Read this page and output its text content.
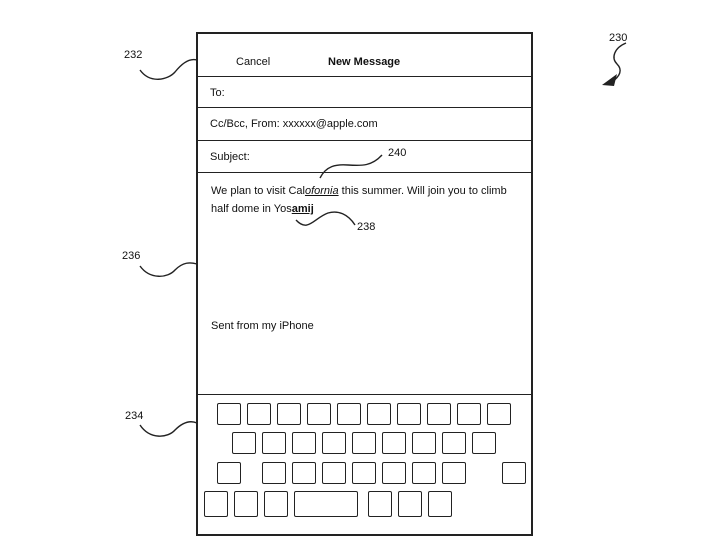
Cancel	New Message
To:
Cc/Bcc, From: xxxxxx@apple.com
Subject:
We plan to visit Calofornia this summer. Will join you to climb
half dome in Yosamij
Sent from my iPhone
230
232
240
238
236
234
